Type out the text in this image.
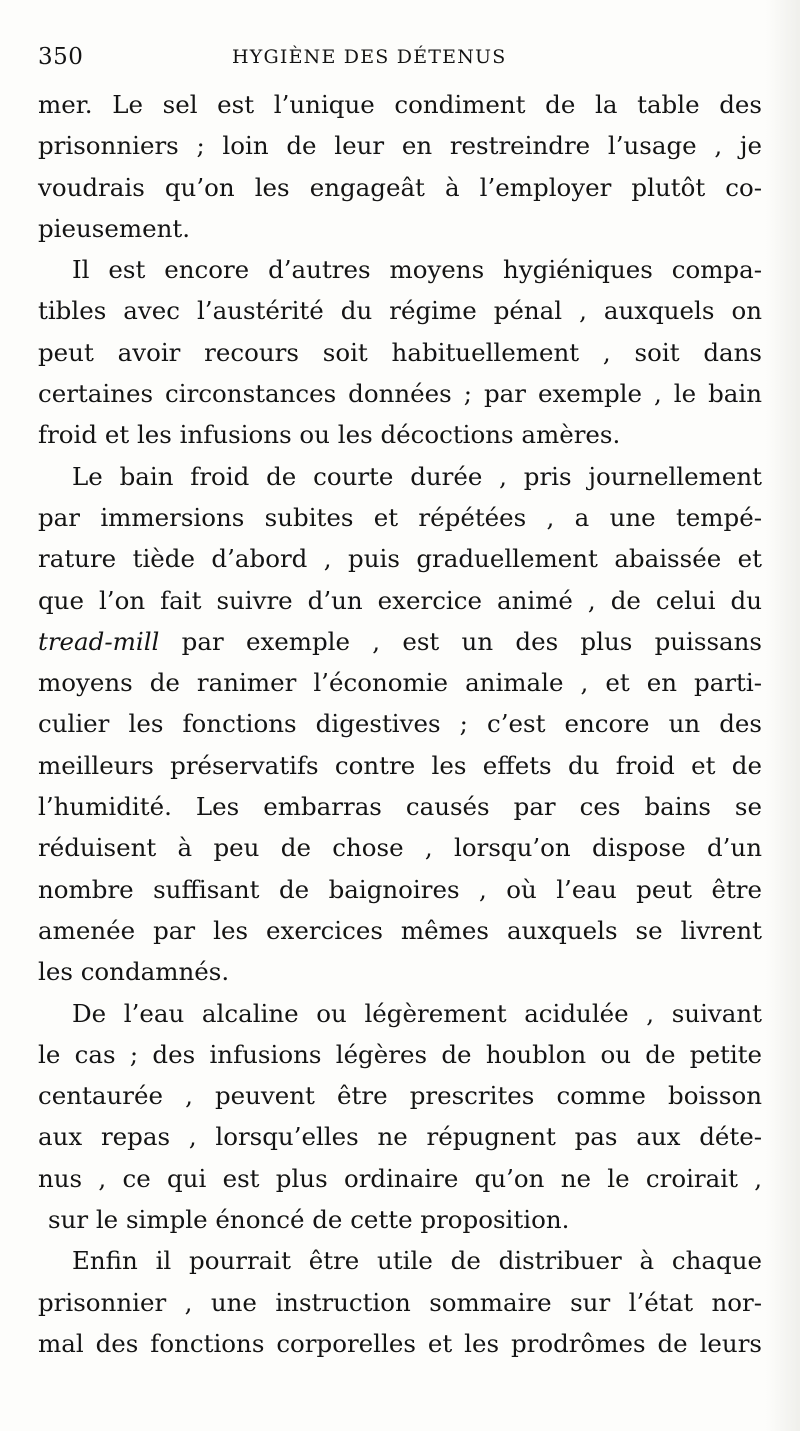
350	HYGIÈNE DES DÉTENUS
mer. Le sel est l’unique condiment de la table des
prisonniers ; loin de leur en restreindre l’usage , je
voudrais qu’on les engageât à l’employer plutôt co-
pieusement.
Il est encore d’autres moyens hygiéniques compa-
tibles avec l’austérité du régime pénal , auxquels on
peut avoir recours soit habituellement , soit dans
certaines circonstances données ; par exemple , le bain
froid et les infusions ou les décoctions amères.
Le bain froid de courte durée , pris journellement
par immersions subites et répétées , a une tempé-
rature tiède d’abord , puis graduellement abaissée et
que l’on fait suivre d’un exercice animé , de celui du
tread-mill par exemple , est un des plus puissans
moyens de ranimer l’économie animale , et en parti-
culier les fonctions digestives ; c’est encore un des
meilleurs préservatifs contre les effets du froid et de
l’humidité. Les embarras causés par ces bains se
réduisent à peu de chose , lorsqu’on dispose d’un
nombre suffisant de baignoires , où l’eau peut être
amenée par les exercices mêmes auxquels se livrent
les condamnés.
De l’eau alcaline ou légèrement acidulée , suivant
le cas ; des infusions légères de houblon ou de petite
centaurée , peuvent être prescrites comme boisson
aux repas , lorsqu’elles ne répugnent pas aux déte-
nus , ce qui est plus ordinaire qu’on ne le croirait ,
sur le simple énoncé de cette proposition.
Enfin il pourrait être utile de distribuer à chaque
prisonnier , une instruction sommaire sur l’état nor-
mal des fonctions corporelles et les prodrômes de leurs
